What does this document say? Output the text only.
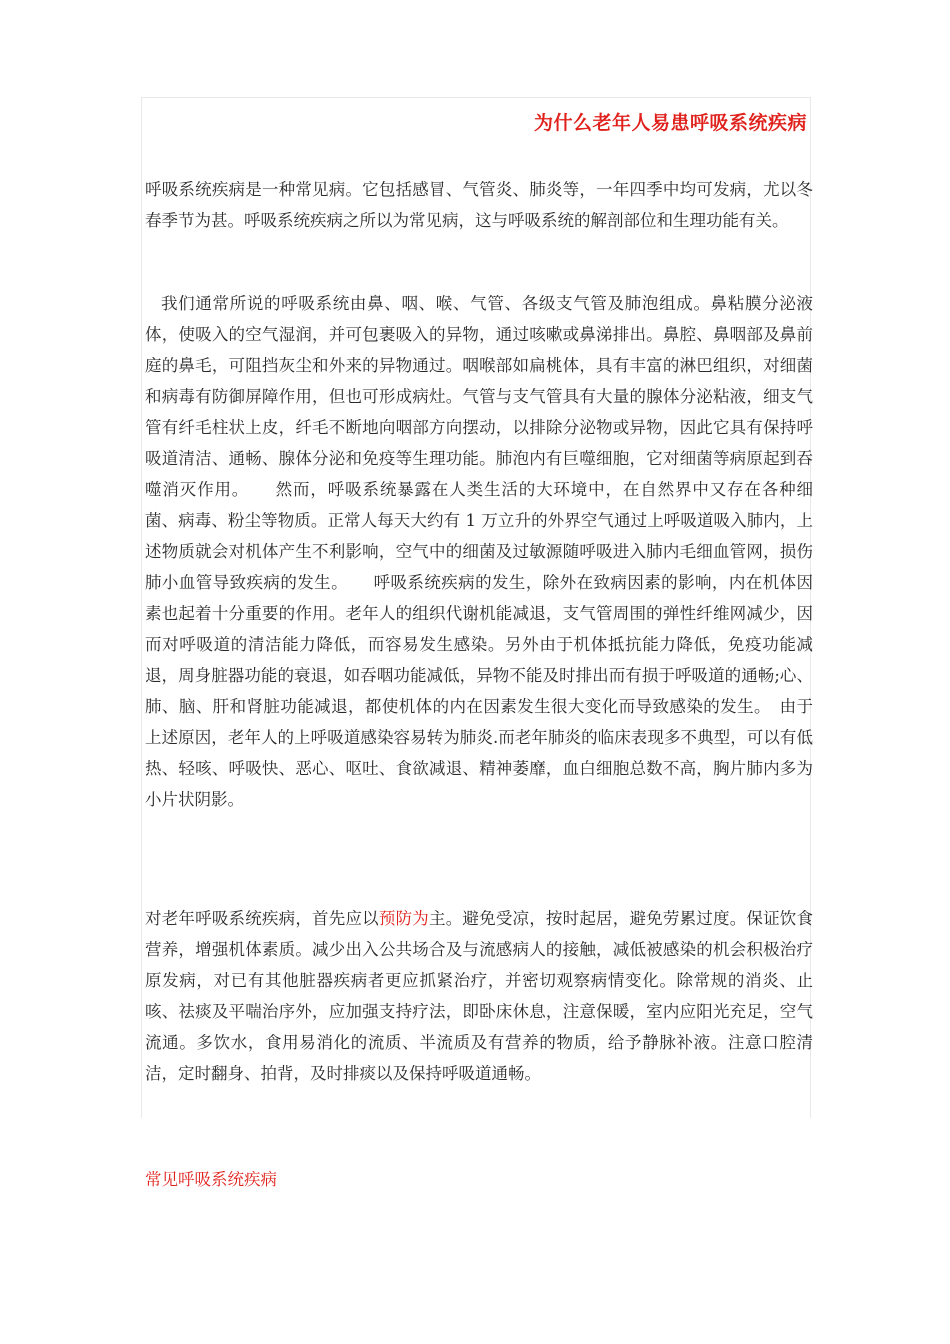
为什么老年人易患呼吸系统疾病
呼吸系统疾病是一种常见病。它包括感冒、气管炎、肺炎等，一年四季中均可发病，尤以冬春季节为甚。呼吸系统疾病之所以为常见病，这与呼吸系统的解剖部位和生理功能有关。
我们通常所说的呼吸系统由鼻、咽、喉、气管、各级支气管及肺泡组成。鼻粘膜分泌液体，使吸入的空气湿润，并可包裹吸入的异物，通过咳嗽或鼻涕排出。鼻腔、鼻咽部及鼻前庭的鼻毛，可阻挡灰尘和外来的异物通过。咽喉部如扁桃体，具有丰富的淋巴组织，对细菌和病毒有防御屏障作用，但也可形成病灶。气管与支气管具有大量的腺体分泌粘液，细支气管有纤毛柱状上皮，纤毛不断地向咽部方向摆动，以排除分泌物或异物，因此它具有保持呼吸道清洁、通畅、腺体分泌和免疫等生理功能。肺泡内有巨噬细胞，它对细菌等病原起到吞噬消灭作用。　　然而，呼吸系统暴露在人类生活的大环境中，在自然界中又存在各种细菌、病毒、粉尘等物质。正常人每天大约有 1 万立升的外界空气通过上呼吸道吸入肺内，上述物质就会对机体产生不利影响，空气中的细菌及过敏源随呼吸进入肺内毛细血管网，损伤肺小血管导致疾病的发生。　　呼吸系统疾病的发生，除外在致病因素的影响，内在机体因素也起着十分重要的作用。老年人的组织代谢机能减退，支气管周围的弹性纤维网减少，因而对呼吸道的清洁能力降低，而容易发生感染。另外由于机体抵抗能力降低，免疫功能减退，周身脏器功能的衰退，如吞咽功能减低，异物不能及时排出而有损于呼吸道的通畅;心、肺、脑、肝和肾脏功能减退，都使机体的内在因素发生很大变化而导致感染的发生。　由于上述原因，老年人的上呼吸道感染容易转为肺炎.而老年肺炎的临床表现多不典型，可以有低热、轻咳、呼吸快、恶心、呕吐、食欲减退、精神萎靡，血白细胞总数不高，胸片肺内多为小片状阴影。
对老年呼吸系统疾病，首先应以预防为主。避免受凉，按时起居，避免劳累过度。保证饮食营养，增强机体素质。减少出入公共场合及与流感病人的接触，减低被感染的机会积极治疗原发病，对已有其他脏器疾病者更应抓紧治疗，并密切观察病情变化。除常规的消炎、止咳、祛痰及平喘治序外，应加强支持疗法，即卧床休息，注意保暖，室内应阳光充足，空气流通。多饮水，食用易消化的流质、半流质及有营养的物质，给予静脉补液。注意口腔清洁，定时翻身、拍背，及时排痰以及保持呼吸道通畅。
常见呼吸系统疾病
